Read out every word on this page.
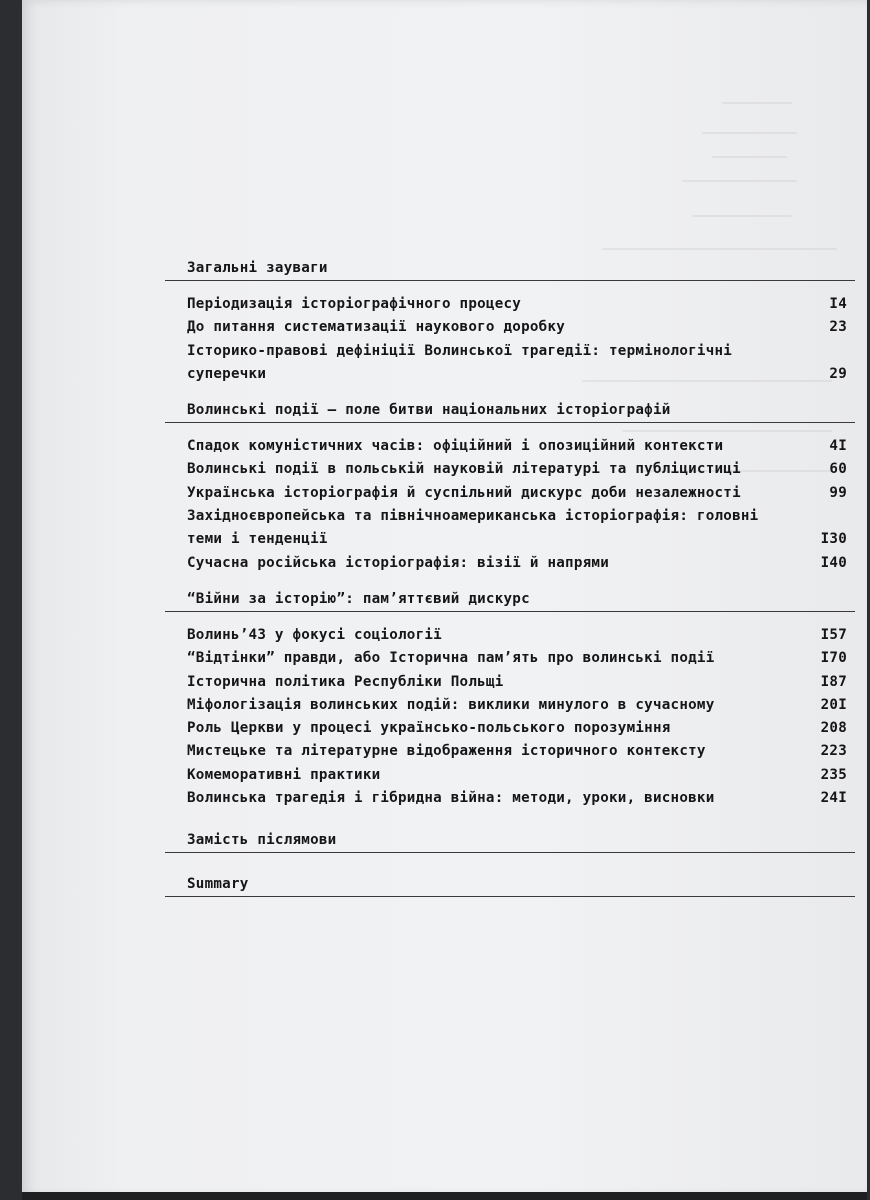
Загальні зауваги
Періодизація історіографічного процесу	I4
До питання систематизації наукового доробку	23
Історико-правові дефініції Волинської трагедії: термінологічні суперечки	29
Волинські події – поле битви національних історіографій
Спадок комуністичних часів: офіційний і опозиційний контексти	4I
Волинські події в польській науковій літературі та публіцистиці	60
Українська історіографія й суспільний дискурс доби незалежності	99
Західноєвропейська та північноамериканська історіографія: головні теми і тенденції	I30
Сучасна російська історіографія: візії й напрями	I40
“Війни за історію”: пам’яттєвий дискурс
Волинь’43 у фокусі соціології	I57
“Відтінки” правди, або Історична пам’ять про волинські події	I70
Історична політика Республіки Польщі	I87
Міфологізація волинських подій: виклики минулого в сучасному	20I
Роль Церкви у процесі українсько-польського порозуміння	208
Мистецьке та літературне відображення історичного контексту	223
Комеморативні практики	235
Волинська трагедія і гібридна війна: методи, уроки, висновки	24I
Замість післямови
Summary
